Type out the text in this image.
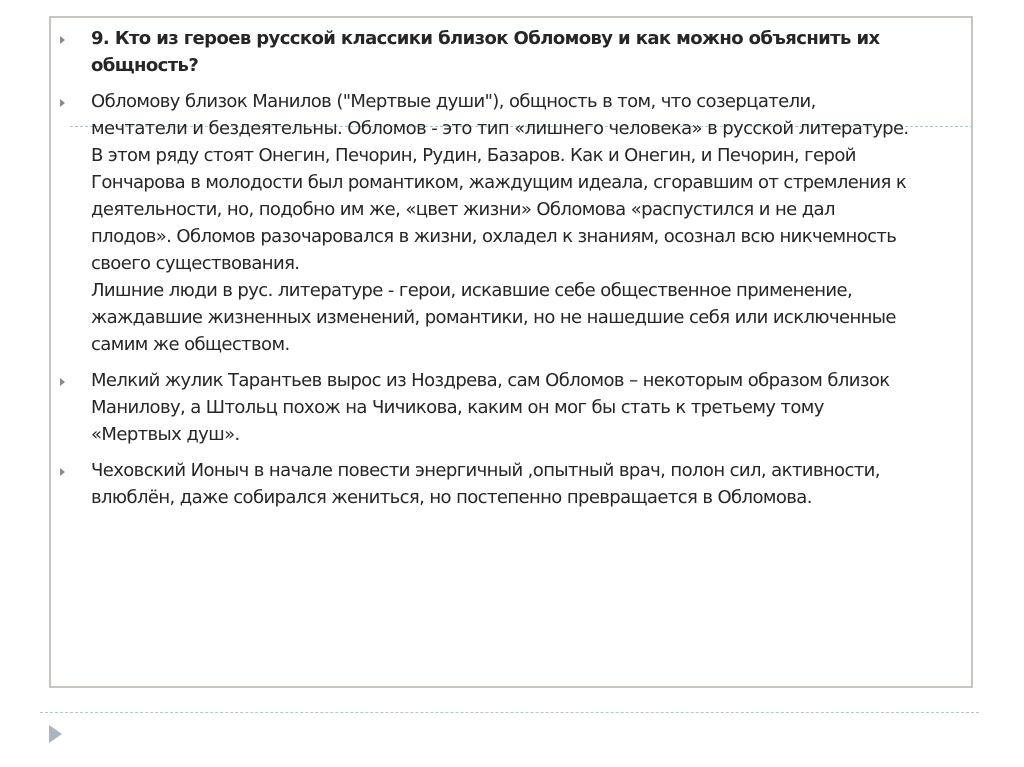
9. Кто из героев русской классики близок Обломову и как можно объяснить их
общность?
Обломову близок Манилов ("Мертвые души"), общность в том, что созерцатели,
мечтатели и бездеятельны. Обломов - это тип «лишнего человека» в русской литературе.
В этом ряду стоят Онегин, Печорин, Рудин, Базаров. Как и Онегин, и Печорин, герой
Гончарова в молодости был романтиком, жаждущим идеала, сгоравшим от стремления к
деятельности, но, подобно им же, «цвет жизни» Обломова «распустился и не дал
плодов». Обломов разочаровался в жизни, охладел к знаниям, осознал всю никчемность
своего существования.
Лишние люди в рус. литературе - герои, искавшие себе общественное применение,
жаждавшие жизненных изменений, романтики, но не нашедшие себя или исключенные
самим же обществом.
Мелкий жулик Тарантьев вырос из Ноздрева, сам Обломов – некоторым образом близок
Манилову, а Штольц похож на Чичикова, каким он мог бы стать к третьему тому
«Мертвых душ».
Чеховский Ионыч в начале повести энергичный ,опытный врач, полон сил, активности,
влюблён, даже собирался жениться, но постепенно превращается в Обломова.
